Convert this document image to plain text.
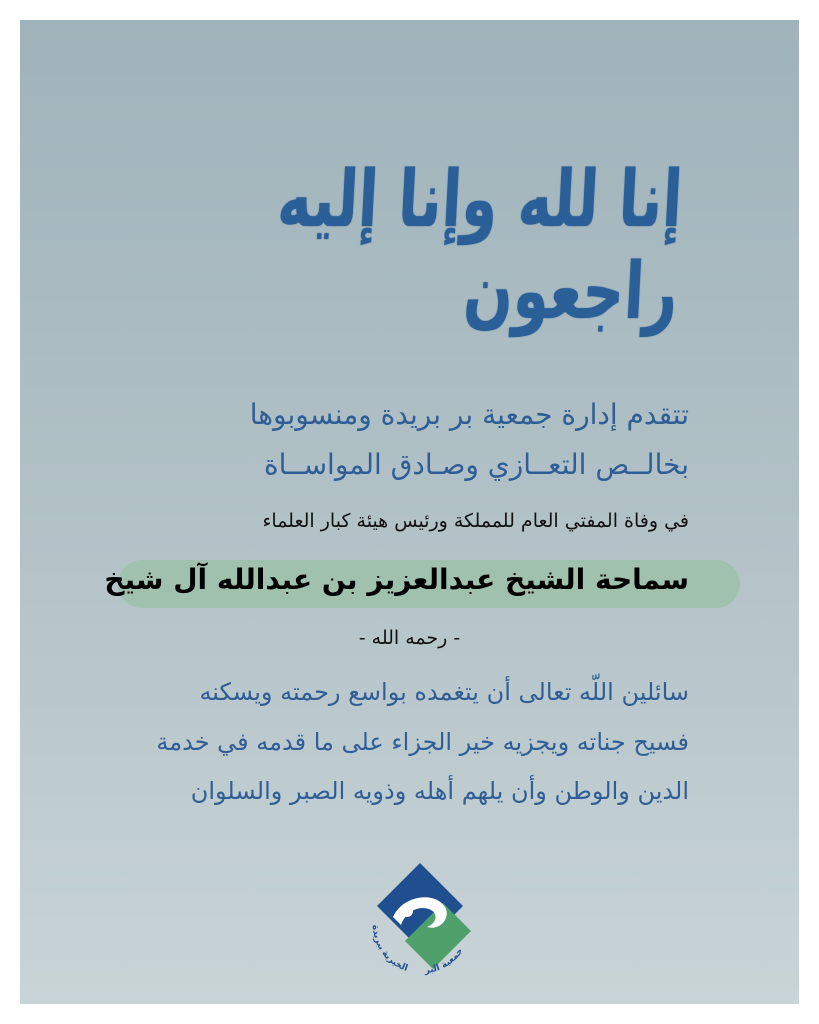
إنا لله وإنا إليه راجعون
تتقدم إدارة جمعية بر بريدة ومنسوبوها
بخالــص التعــازي وصـادق المواســاة
في وفاة المفتي العام للمملكة ورئيس هيئة كبار العلماء
سماحة الشيخ عبدالعزيز بن عبدالله آل شيخ
- رحمه الله -
سائلين اللّه تعالى أن يتغمده بواسع رحمته ويسكنه
فسيح جناته ويجزيه خير الجزاء على ما قدمه في خدمة
الدين والوطن وأن يلهم أهله وذويه الصبر والسلوان
الخيرية ببريدة جمعية البر
